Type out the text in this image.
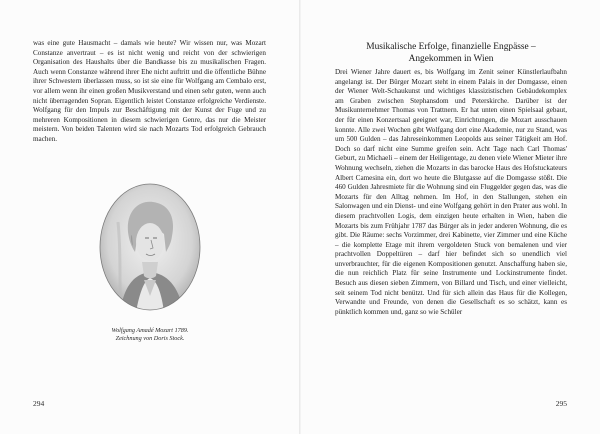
was eine gute Hausmacht – damals wie heute? Wir wissen nur, was Mozart Constanze anvertraut – es ist nicht wenig und reicht von der schwierigen Organisation des Haushalts über die Bandkasse bis zu musikalischen Fragen. Auch wenn Constanze während ihrer Ehe nicht auftritt und die öffentliche Bühne ihrer Schwestern überlassen muss, so ist sie eine für Wolfgang am Cembalo erst, vor allem wenn ihr einen großen Musikverstand und einen sehr guten, wenn auch nicht überragenden Sopran. Eigentlich leistet Constanze erfolgreiche Verdienste. Wolfgang für den Impuls zur Beschäftigung mit der Kunst der Fuge und zu mehreren Kompositionen in diesem schwierigen Genre, das nur die Meister meistern. Von beiden Talenten wird sie nach Mozarts Tod erfolgreich Gebrauch machen.

Wolfgang Amadé Mozart 1789.
Zeichnung von Doris Stock.

294
Musikalische Erfolge, finanzielle Engpässe –
Angekommen in Wien

Drei Wiener Jahre dauert es, bis Wolfgang im Zenit seiner Künstlerlaufbahn angelangt ist. Der Bürger Mozart steht in einem Palais in der Domgasse, einen der Wiener Welt-Schaukunst und wichtiges klassizistischen Gebäudekomplex am Graben zwischen Stephansdom und Peterskirche. Darüber ist der Musikunternehmer Thomas von Trattnern. Er hat unten einen Spielsaal gebaut, der für einen Konzertsaal geeignet war, Einrichtungen, die Mozart ausschauen konnte. Alle zwei Wochen gibt Wolfgang dort eine Akademie, nur zu Stand, was um 500 Gulden – das Jahreseinkommen Leopolds aus seiner Tätigkeit am Hof. Doch so darf nicht eine Summe greifen sein. Acht Tage nach Carl Thomas' Geburt, zu Michaeli – einem der Heiligentage, zu denen viele Wiener Mieter ihre Wohnung wechseln, ziehen die Mozarts in das barocke Haus des Hofstuckateurs Albert Camesina ein, dort wo heute die Blutgasse auf die Domgasse stößt. Die 460 Gulden Jahresmiete für die Wohnung sind ein Fluggelder gegen das, was die Mozarts für den Alltag nehmen. Im Hof, in den Stallungen, stehen ein Salonwagen und ein Dienst- und eine Wolfgang gehört in den Prater aus wohl. In diesem prachtvollen Logis, dem einzigen heute erhalten in Wien, haben die Mozarts bis zum Frühjahr 1787 das Bürger als in jeder anderen Wohnung, die es gibt. Die Räume: sechs Vorzimmer, drei Kabinette, vier Zimmer und eine Küche – die komplette Etage mit ihrem vergoldeten Stuck von bemalenen und vier prachtvollen Doppeltüren – darf hier befindet sich so unendlich viel unverbrauchter, für die eigenen Kompositionen genutzt. Anschaffung haben sie, die nun reichlich Platz für seine Instrumente und Lockinstrumente findet. Besuch aus diesen sieben Zimmern, von Billard und Tisch, und einer vielleicht, seit seinem Tod nicht benützt. Und für sich allein das Haus für die Kollegen, Verwandte und Freunde, von denen die Gesellschaft es so schätzt, kann es pünktlich kommen und, ganz so wie Schüler

295
